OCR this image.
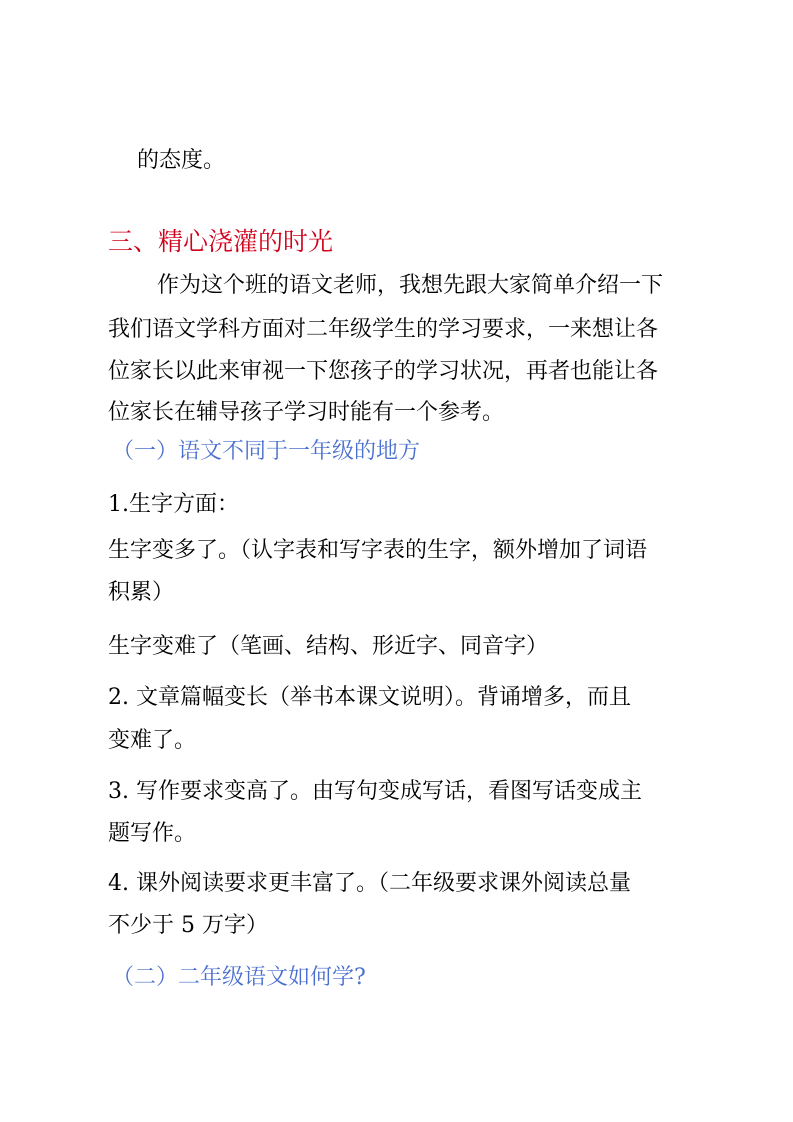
的态度。
三、精心浇灌的时光
作为这个班的语文老师，我想先跟大家简单介绍一下
我们语文学科方面对二年级学生的学习要求，一来想让各
位家长以此来审视一下您孩子的学习状况，再者也能让各
位家长在辅导孩子学习时能有一个参考。
（一）语文不同于一年级的地方
1.生字方面：
生字变多了。（认字表和写字表的生字，额外增加了词语
积累）
生字变难了（笔画、结构、形近字、同音字）
2. 文章篇幅变长（举书本课文说明）。背诵增多，而且
变难了。
3. 写作要求变高了。由写句变成写话，看图写话变成主
题写作。
4. 课外阅读要求更丰富了。（二年级要求课外阅读总量
不少于 5 万字）
（二）二年级语文如何学?
